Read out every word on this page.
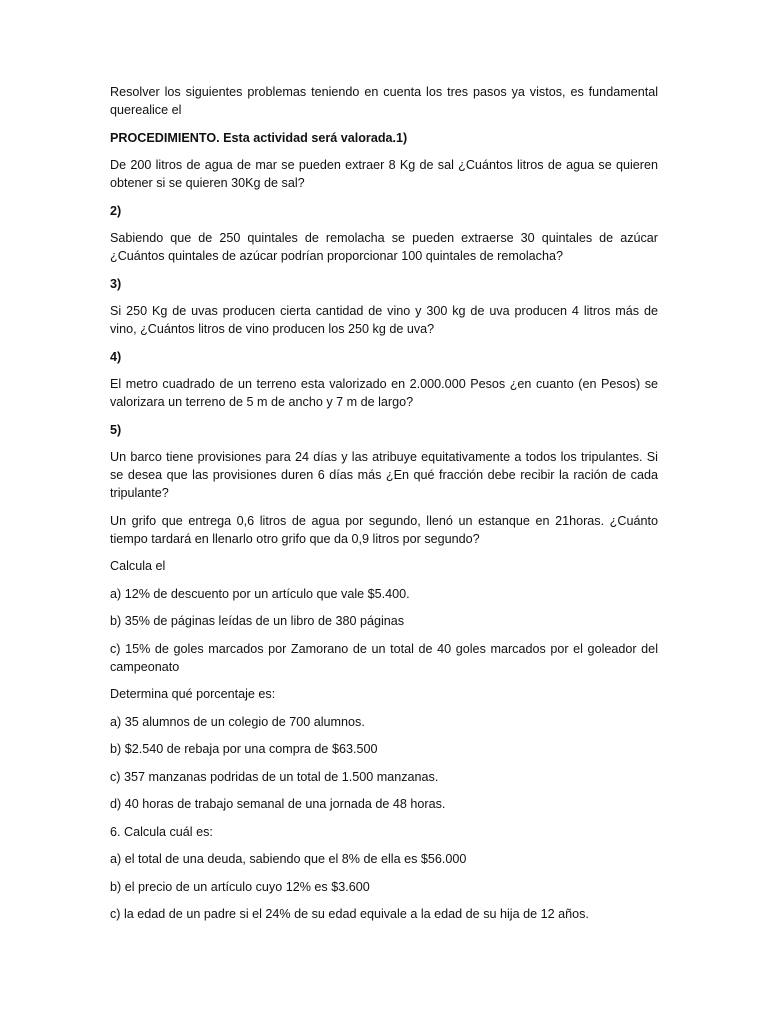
Resolver los siguientes problemas teniendo en cuenta los tres pasos ya vistos, es fundamental querealice el

PROCEDIMIENTO. Esta actividad será valorada.1)

De 200 litros de agua de mar se pueden extraer 8 Kg de sal ¿Cuántos litros de agua se quieren obtener si se quieren 30Kg de sal?

2)

Sabiendo que de 250 quintales de remolacha se pueden extraerse 30 quintales de azúcar ¿Cuántos quintales de azúcar podrían proporcionar 100 quintales de remolacha?

3)

Si 250 Kg de uvas producen cierta cantidad de vino y 300 kg de uva producen 4 litros más de vino, ¿Cuántos litros de vino producen los 250 kg de uva?

4)

El metro cuadrado de un terreno esta valorizado en 2.000.000 Pesos ¿en cuanto (en Pesos) se valorizara un terreno de 5 m de ancho y 7 m de largo?

5)

Un barco tiene provisiones para 24 días y las atribuye equitativamente a todos los tripulantes. Si se desea que las provisiones duren 6 días más ¿En qué fracción debe recibir la ración de cada tripulante?

Un grifo que entrega 0,6 litros de agua por segundo, llenó un estanque en 21horas. ¿Cuánto tiempo tardará en llenarlo otro grifo que da 0,9 litros por segundo?

Calcula el

a) 12% de descuento por un artículo que vale $5.400.

b) 35% de páginas leídas de un libro de 380 páginas

c) 15% de goles marcados por Zamorano de un total de 40 goles marcados por el goleador del campeonato

Determina qué porcentaje es:

a) 35 alumnos de un colegio de 700 alumnos.

b) $2.540 de rebaja por una compra de $63.500

c) 357 manzanas podridas de un total de 1.500 manzanas.

d) 40 horas de trabajo semanal de una jornada de 48 horas.

6. Calcula cuál es:

a) el total de una deuda, sabiendo que el 8% de ella es $56.000

b) el precio de un artículo cuyo 12% es $3.600

c) la edad de un padre si el 24% de su edad equivale a la edad de su hija de 12 años.
